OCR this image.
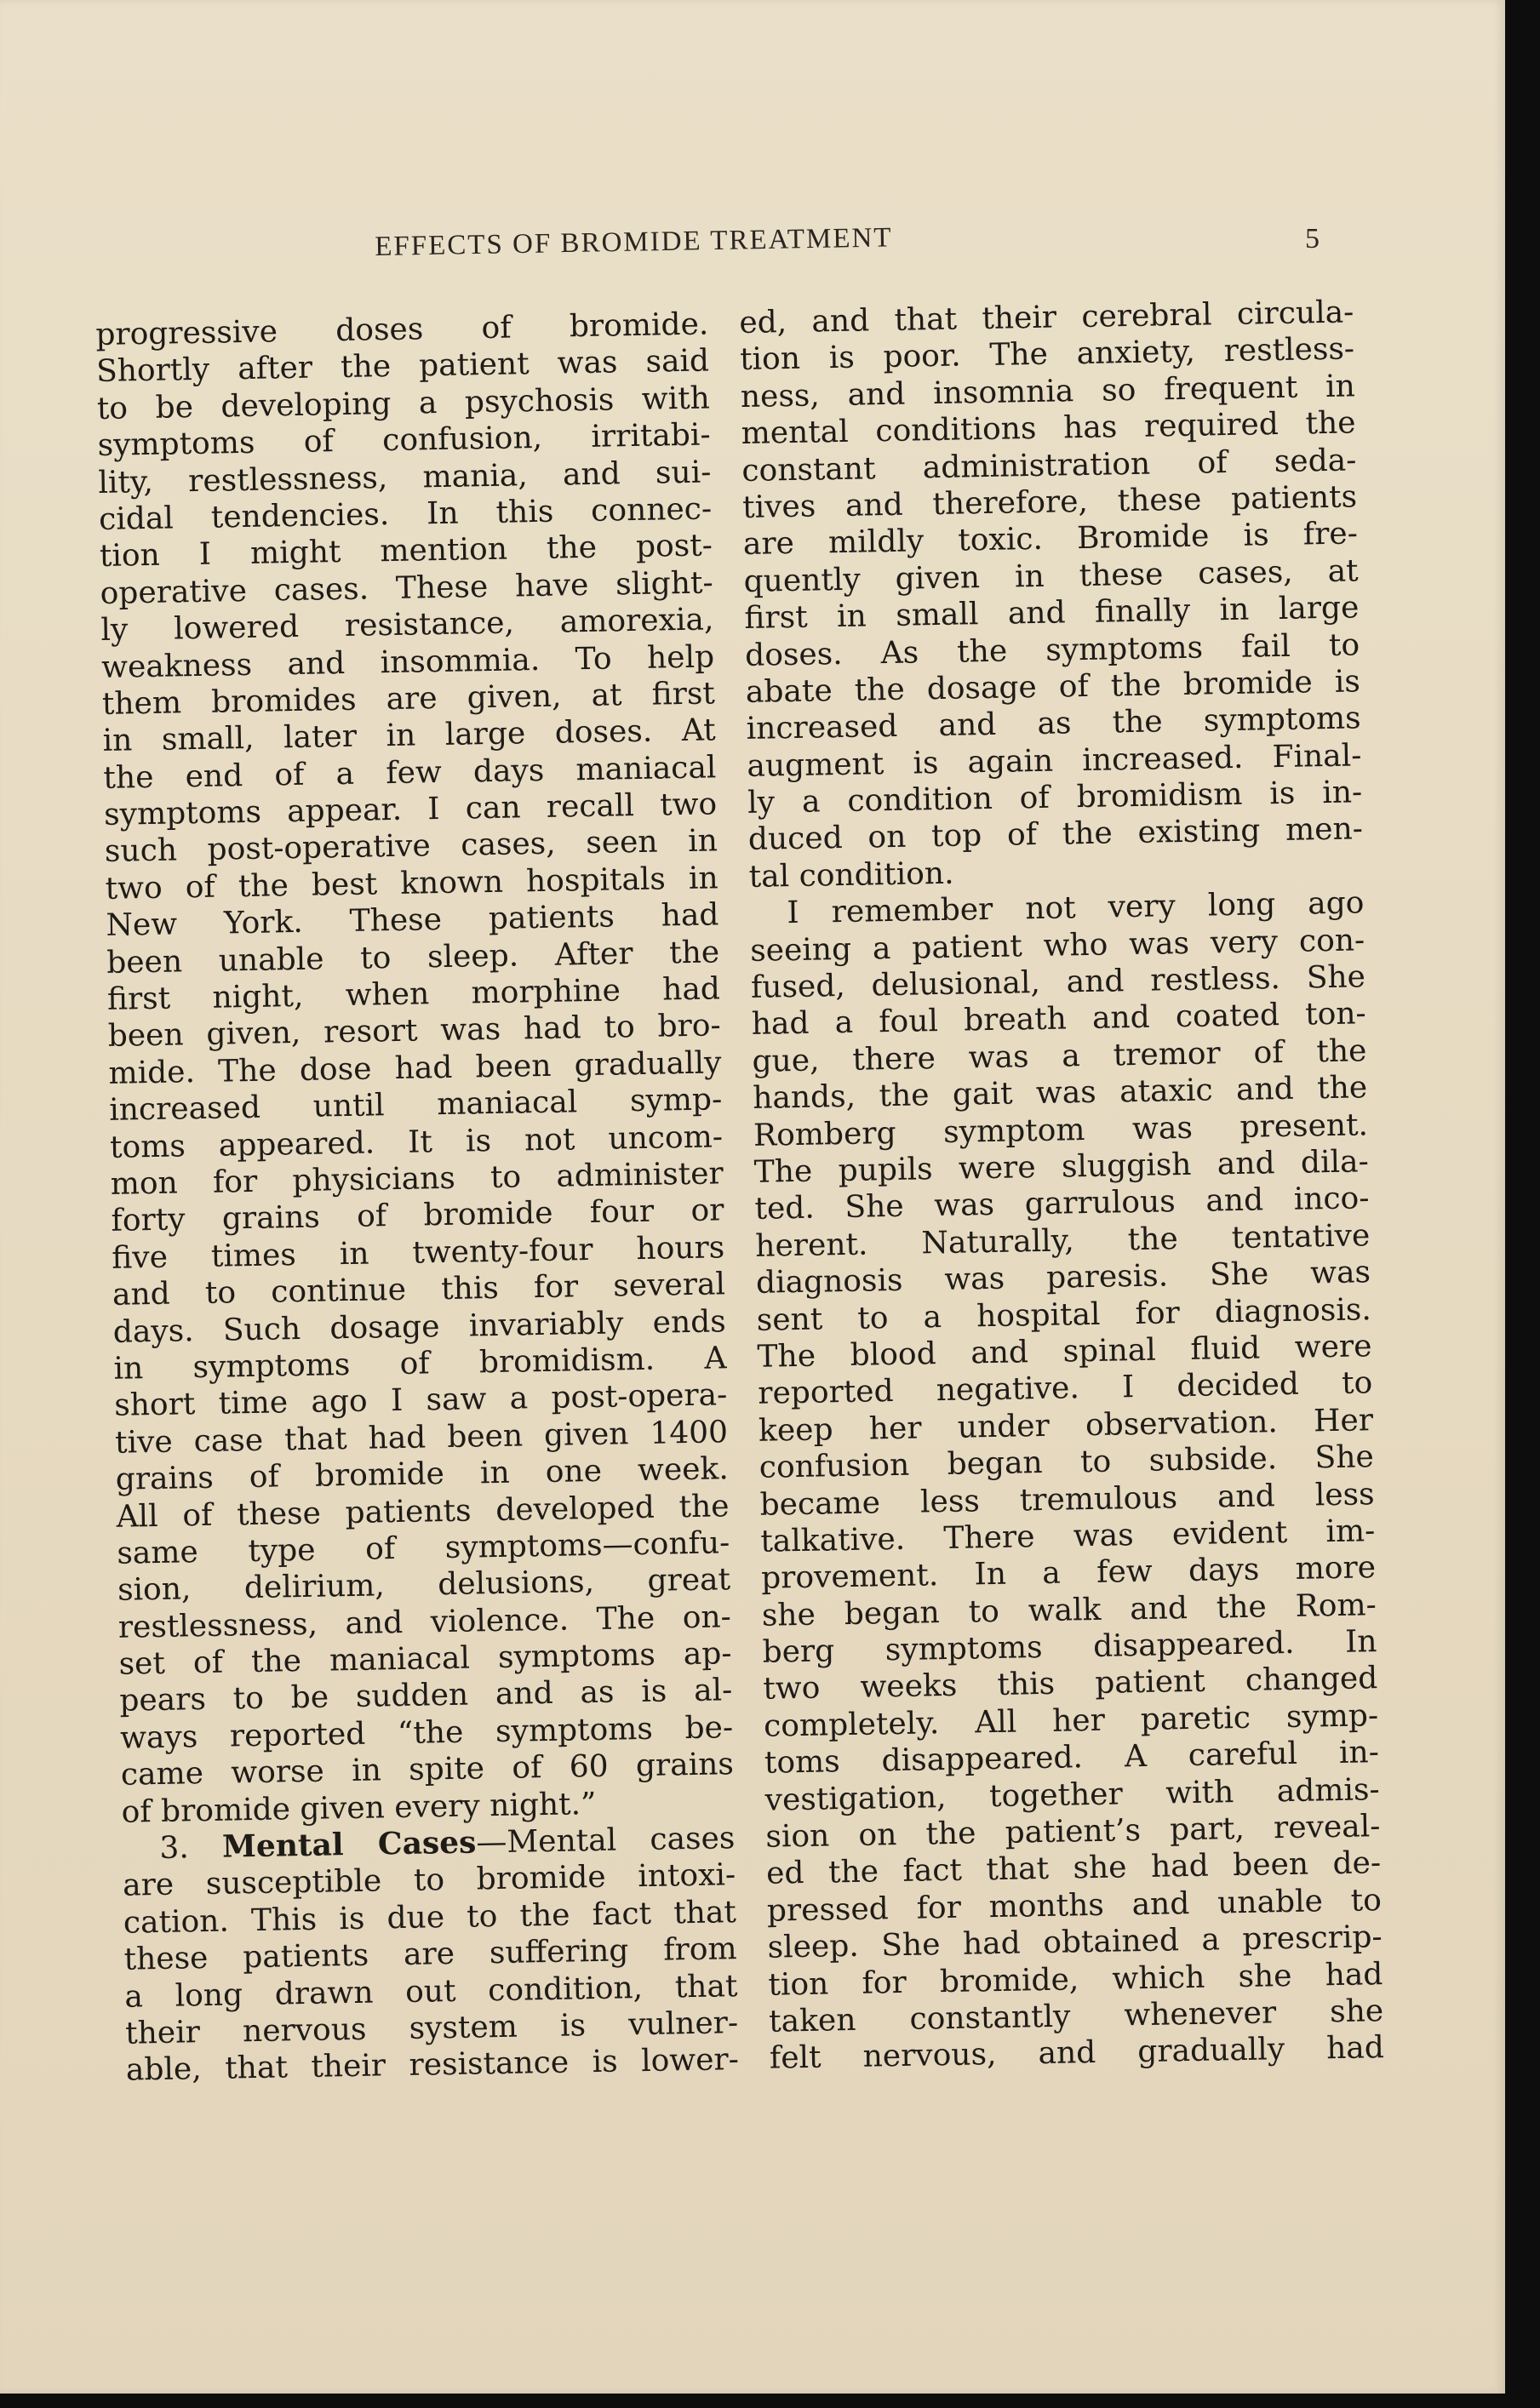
EFFECTS OF BROMIDE TREATMENT	5
progressive doses of bromide.
Shortly after the patient was said
to be developing a psychosis with
symptoms of confusion, irritabi-
lity, restlessness, mania, and sui-
cidal tendencies. In this connec-
tion I might mention the post-
operative cases. These have slight-
ly lowered resistance, amorexia,
weakness and insommia. To help
them bromides are given, at first
in small, later in large doses. At
the end of a few days maniacal
symptoms appear. I can recall two
such post-operative cases, seen in
two of the best known hospitals in
New York. These patients had
been unable to sleep. After the
first night, when morphine had
been given, resort was had to bro-
mide. The dose had been gradually
increased until maniacal symp-
toms appeared. It is not uncom-
mon for physicians to administer
forty grains of bromide four or
five times in twenty-four hours
and to continue this for several
days. Such dosage invariably ends
in symptoms of bromidism. A
short time ago I saw a post-opera-
tive case that had been given 1400
grains of bromide in one week.
All of these patients developed the
same type of symptoms—confu-
sion, delirium, delusions, great
restlessness, and violence. The on-
set of the maniacal symptoms ap-
pears to be sudden and as is al-
ways reported “the symptoms be-
came worse in spite of 60 grains
of bromide given every night.”
3. Mental Cases—Mental cases
are susceptible to bromide intoxi-
cation. This is due to the fact that
these patients are suffering from
a long drawn out condition, that
their nervous system is vulner-
able, that their resistance is lower-
ed, and that their cerebral circula-
tion is poor. The anxiety, restless-
ness, and insomnia so frequent in
mental conditions has required the
constant administration of seda-
tives and therefore, these patients
are mildly toxic. Bromide is fre-
quently given in these cases, at
first in small and finally in large
doses. As the symptoms fail to
abate the dosage of the bromide is
increased and as the symptoms
augment is again increased. Final-
ly a condition of bromidism is in-
duced on top of the existing men-
tal condition.
I remember not very long ago
seeing a patient who was very con-
fused, delusional, and restless. She
had a foul breath and coated ton-
gue, there was a tremor of the
hands, the gait was ataxic and the
Romberg symptom was present.
The pupils were sluggish and dila-
ted. She was garrulous and inco-
herent. Naturally, the tentative
diagnosis was paresis. She was
sent to a hospital for diagnosis.
The blood and spinal fluid were
reported negative. I decided to
keep her under observation. Her
confusion began to subside. She
became less tremulous and less
talkative. There was evident im-
provement. In a few days more
she began to walk and the Rom-
berg symptoms disappeared. In
two weeks this patient changed
completely. All her paretic symp-
toms disappeared. A careful in-
vestigation, together with admis-
sion on the patient’s part, reveal-
ed the fact that she had been de-
pressed for months and unable to
sleep. She had obtained a prescrip-
tion for bromide, which she had
taken constantly whenever she
felt nervous, and gradually had
